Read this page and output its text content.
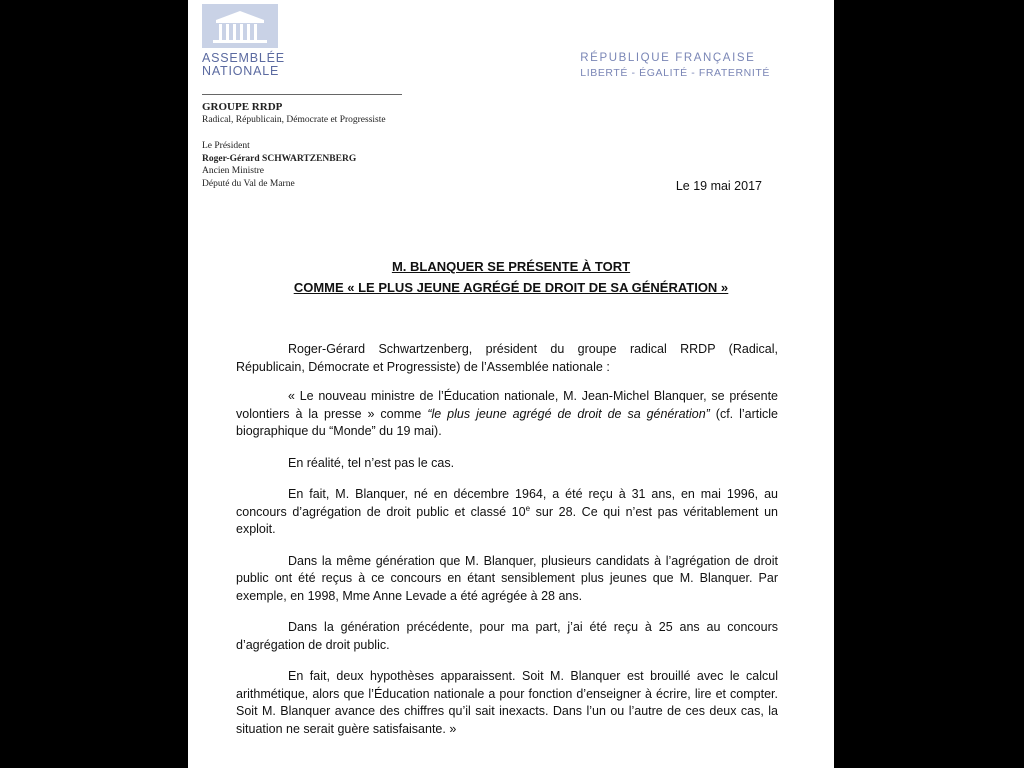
ASSEMBLÉE
NATIONALE
RÉPUBLIQUE FRANÇAISE
LIBERTÉ - ÉGALITÉ - FRATERNITÉ
GROUPE RRDP
Radical, Républicain, Démocrate et Progressiste
Le Président
Roger-Gérard SCHWARTZENBERG
Ancien Ministre
Député du Val de Marne	Le 19 mai 2017
M. BLANQUER SE PRÉSENTE À TORT
COMME « LE PLUS JEUNE AGRÉGÉ DE DROIT DE SA GÉNÉRATION »

Roger-Gérard Schwartzenberg, président du groupe radical RRDP (Radical, Républicain, Démocrate et Progressiste) de l’Assemblée nationale :

« Le nouveau ministre de l’Éducation nationale, M. Jean-Michel Blanquer, se présente volontiers à la presse » comme “le plus jeune agrégé de droit de sa génération” (cf. l’article biographique du “Monde” du 19 mai).

En réalité, tel n’est pas le cas.

En fait, M. Blanquer, né en décembre 1964, a été reçu à 31 ans, en mai 1996, au concours d’agrégation de droit public et classé 10e sur 28. Ce qui n’est pas véritablement un exploit.

Dans la même génération que M. Blanquer, plusieurs candidats à l’agrégation de droit public ont été reçus à ce concours en étant sensiblement plus jeunes que M. Blanquer. Par exemple, en 1998, Mme Anne Levade a été agrégée à 28 ans.

Dans la génération précédente, pour ma part, j’ai été reçu à 25 ans au concours d’agrégation de droit public.

En fait, deux hypothèses apparaissent. Soit M. Blanquer est brouillé avec le calcul arithmétique, alors que l’Éducation nationale a pour fonction d’enseigner à écrire, lire et compter. Soit M. Blanquer avance des chiffres qu’il sait inexacts. Dans l’un ou l’autre de ces deux cas, la situation ne serait guère satisfaisante. »
